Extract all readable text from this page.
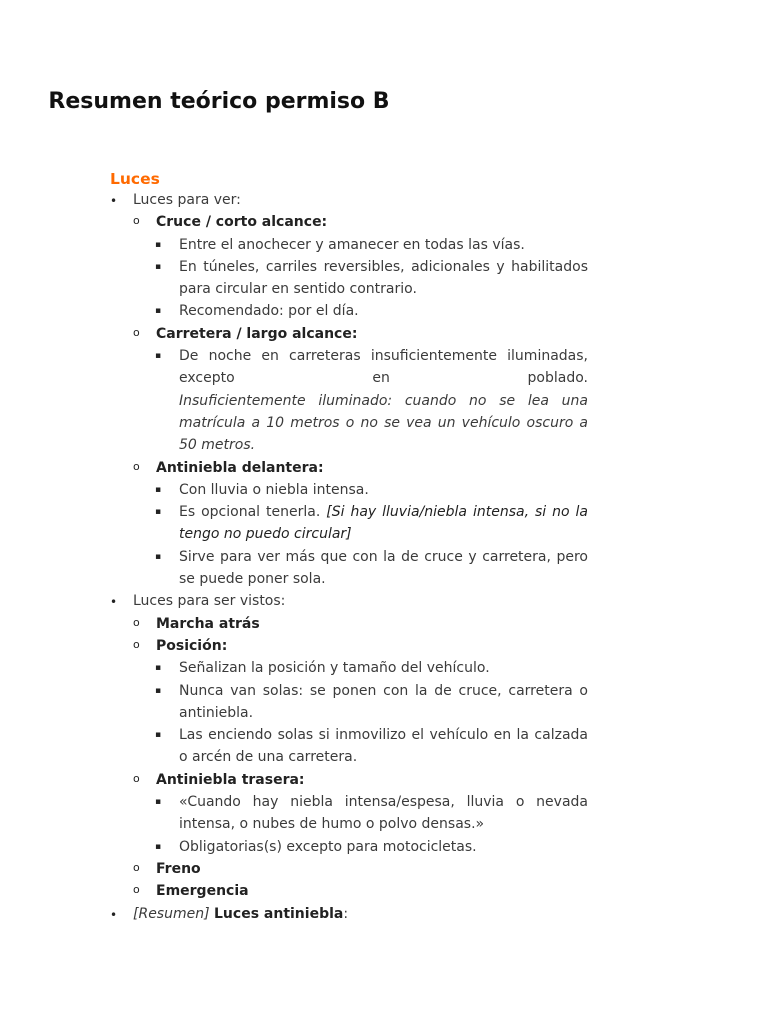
Resumen teórico permiso B
Luces
• Luces para ver:
o Cruce / corto alcance:
▪ Entre el anochecer y amanecer en todas las vías.
▪ En túneles, carriles reversibles, adicionales y habilitados para circular en sentido contrario.
▪ Recomendado: por el día.
o Carretera / largo alcance:
▪ De noche en carreteras insuficientemente iluminadas, excepto en poblado.
Insuficientemente iluminado: cuando no se lea una matrícula a 10 metros o no se vea un vehículo oscuro a 50 metros.
o Antiniebla delantera:
▪ Con lluvia o niebla intensa.
▪ Es opcional tenerla. [Si hay lluvia/niebla intensa, si no la tengo no puedo circular]
▪ Sirve para ver más que con la de cruce y carretera, pero se puede poner sola.
• Luces para ser vistos:
o Marcha atrás
o Posición:
▪ Señalizan la posición y tamaño del vehículo.
▪ Nunca van solas: se ponen con la de cruce, carretera o antiniebla.
▪ Las enciendo solas si inmovilizo el vehículo en la calzada o arcén de una carretera.
o Antiniebla trasera:
▪ «Cuando hay niebla intensa/espesa, lluvia o nevada intensa, o nubes de humo o polvo densas.»
▪ Obligatorias(s) excepto para motocicletas.
o Freno
o Emergencia
• [Resumen] Luces antiniebla:
